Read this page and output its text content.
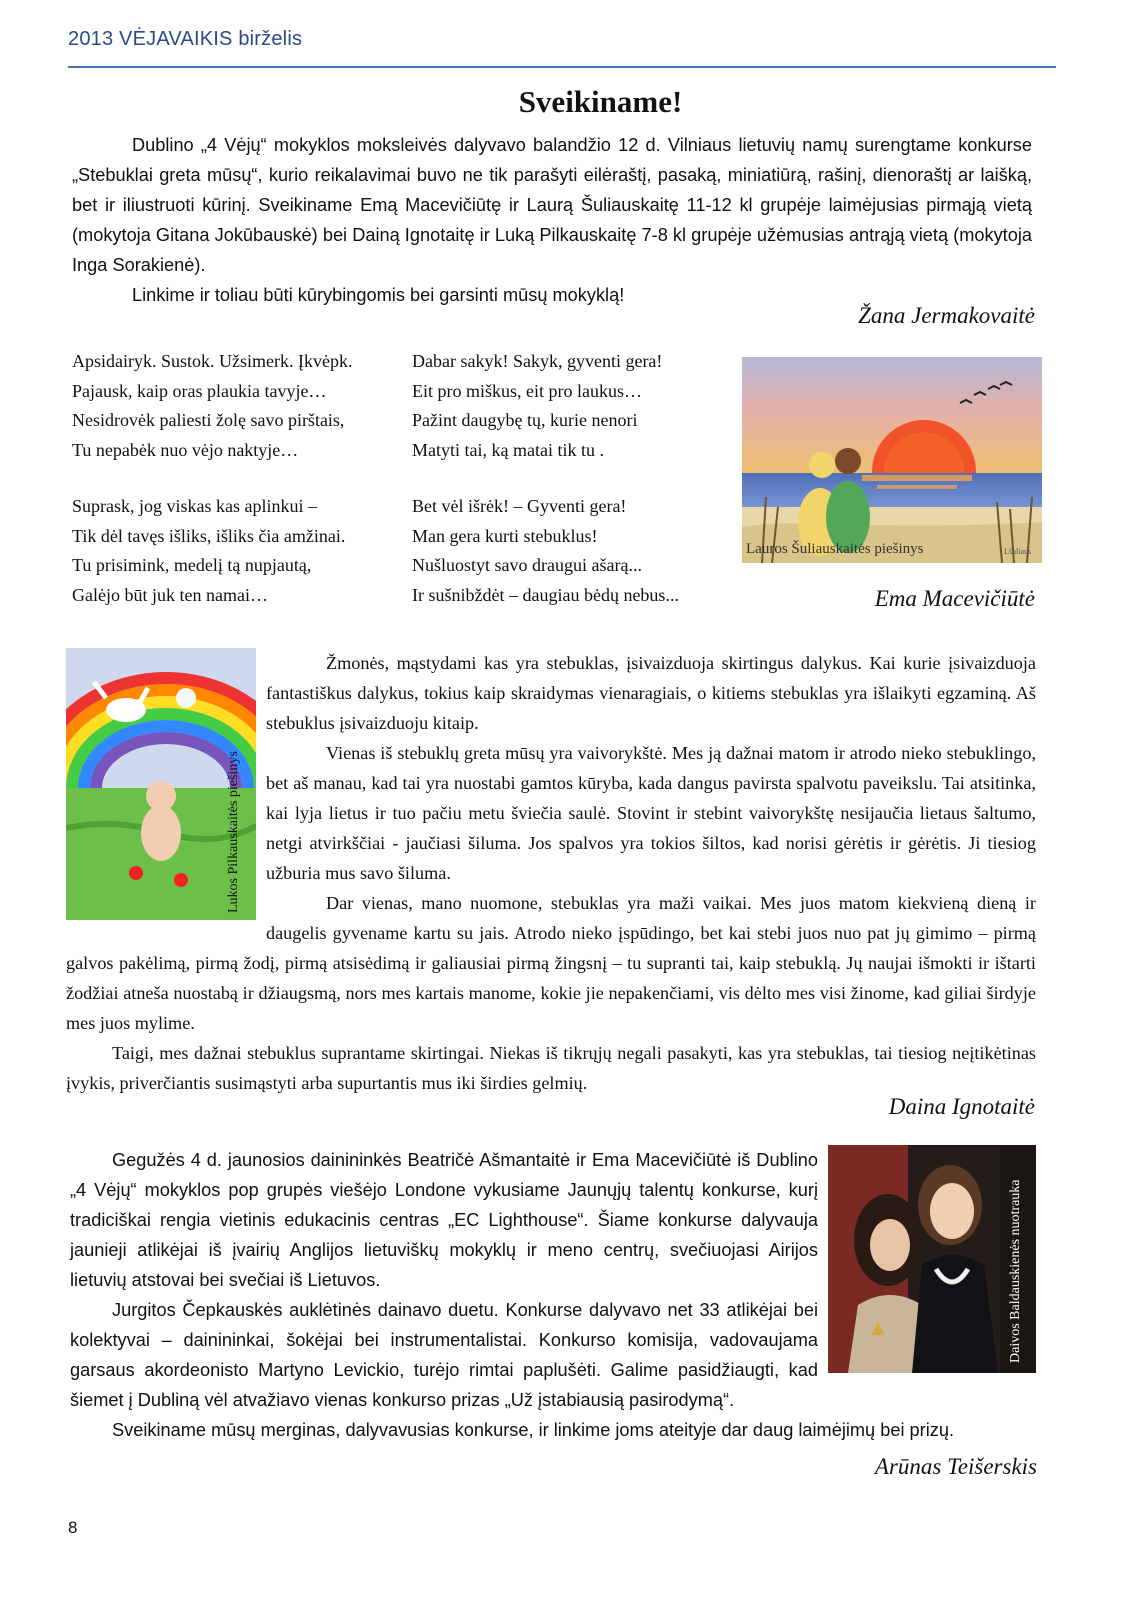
2013 VĖJAVAIKIS birželis
Sveikiname!

Dublino „4 Vėjų“ mokyklos moksleivės dalyvavo balandžio 12 d. Vilniaus lietuvių namų surengtame konkurse „Stebuklai greta mūsų“, kurio reikalavimai buvo ne tik parašyti eilėraštį, pasaką, miniatiūrą, rašinį, dienoraštį ar laišką, bet ir iliustruoti kūrinį. Sveikiname Emą Macevičiūtę ir Laurą Šuliauskaitę 11-12 kl grupėje laimėjusias pirmąją vietą (mokytoja Gitana Jokūbauskė) bei Dainą Ignotaitę ir Luką Pilkauskaitę 7-8 kl grupėje užėmusias antrąją vietą (mokytoja Inga Sorakienė).

Linkime ir toliau būti kūrybingomis bei garsinti mūsų mokyklą!

Žana Jermakovaitė
Apsidairyk. Sustok. Užsimerk. Įkvėpk.
Pajausk, kaip oras plaukia tavyje…
Nesidrovėk paliesti žolę savo pirštais,
Tu nepabėk nuo vėjo naktyje…
Suprask, jog viskas kas aplinkui –
Tik dėl tavęs išliks, išliks čia amžinai.
Tu prisimink, medelį tą nupjautą,
Galėjo būt juk ten namai…
Dabar sakyk! Sakyk, gyventi gera!
Eit pro miškus, eit pro laukus…
Pažint daugybę tų, kurie nenori
Matyti tai, ką matai tik tu .
Bet vėl išrėk! – Gyventi gera!
Man gera kurti stebuklus!
Nušluostyt savo draugui ašarą...
Ir sušnibždėt – daugiau bėdų nebus...
Lauros Šuliauskaitės piešinys	Lšuliaus
Ema Macevičiūtė
Lukos Pilkauskaitės piešinys

Žmonės, mąstydami kas yra stebuklas, įsivaizduoja skirtingus dalykus. Kai kurie įsivaizduoja fantastiškus dalykus, tokius kaip skraidymas vienaragiais, o kitiems stebuklas yra išlaikyti egzaminą. Aš stebuklus įsivaizduoju kitaip.

Vienas iš stebuklų greta mūsų yra vaivorykštė. Mes ją dažnai matom ir atrodo nieko stebuklingo, bet aš manau, kad tai yra nuostabi gamtos kūryba, kada dangus pavirsta spalvotu paveikslu. Tai atsitinka, kai lyja lietus ir tuo pačiu metu šviečia saulė. Stovint ir stebint vaivorykštę nesijaučia lietaus šaltumo, netgi atvirkščiai - jaučiasi šiluma. Jos spalvos yra tokios šiltos, kad norisi gėrėtis ir gėrėtis. Ji tiesiog užburia mus savo šiluma.

Dar vienas, mano nuomone, stebuklas yra maži vaikai. Mes juos matom kiekvieną dieną ir daugelis gyvename kartu su jais. Atrodo nieko įspūdingo, bet kai stebi juos nuo pat jų gimimo – pirmą galvos pakėlimą, pirmą žodį, pirmą atsisėdimą ir galiausiai pirmą žingsnį – tu supranti tai, kaip stebuklą. Jų naujai išmokti ir ištarti žodžiai atneša nuostabą ir džiaugsmą, nors mes kartais manome, kokie jie nepakenčiami, vis dėlto mes visi žinome, kad giliai širdyje mes juos mylime.

Taigi, mes dažnai stebuklus suprantame skirtingai. Niekas iš tikrųjų negali pasakyti, kas yra stebuklas, tai tiesiog neįtikėtinas įvykis, priverčiantis susimąstyti arba supurtantis mus iki širdies gelmių.

Daina Ignotaitė
Daivos Baldauskienės nuotrauka

Gegužės 4 d. jaunosios dainininkės Beatričė Ašmantaitė ir Ema Macevičiūtė iš Dublino „4 Vėjų“ mokyklos pop grupės viešėjo Londone vykusiame Jaunųjų talentų konkurse, kurį tradiciškai rengia vietinis edukacinis centras „EC Lighthouse“. Šiame konkurse dalyvauja jaunieji atlikėjai iš įvairių Anglijos lietuviškų mokyklų ir meno centrų, svečiuojasi Airijos lietuvių atstovai bei svečiai iš Lietuvos.

Jurgitos Čepkauskės auklėtinės dainavo duetu. Konkurse dalyvavo net 33 atlikėjai bei kolektyvai – dainininkai, šokėjai bei instrumentalistai. Konkurso komisija, vadovaujama garsaus akordeonisto Martyno Levickio, turėjo rimtai paplušėti. Galime pasidžiaugti, kad šiemet į Dubliną vėl atvažiavo vienas konkurso prizas „Už įstabiausią pasirodymą“.

Sveikiname mūsų merginas, dalyvavusias konkurse, ir linkime joms ateityje dar daug laimėjimų bei prizų.

Arūnas Teišerskis
8
